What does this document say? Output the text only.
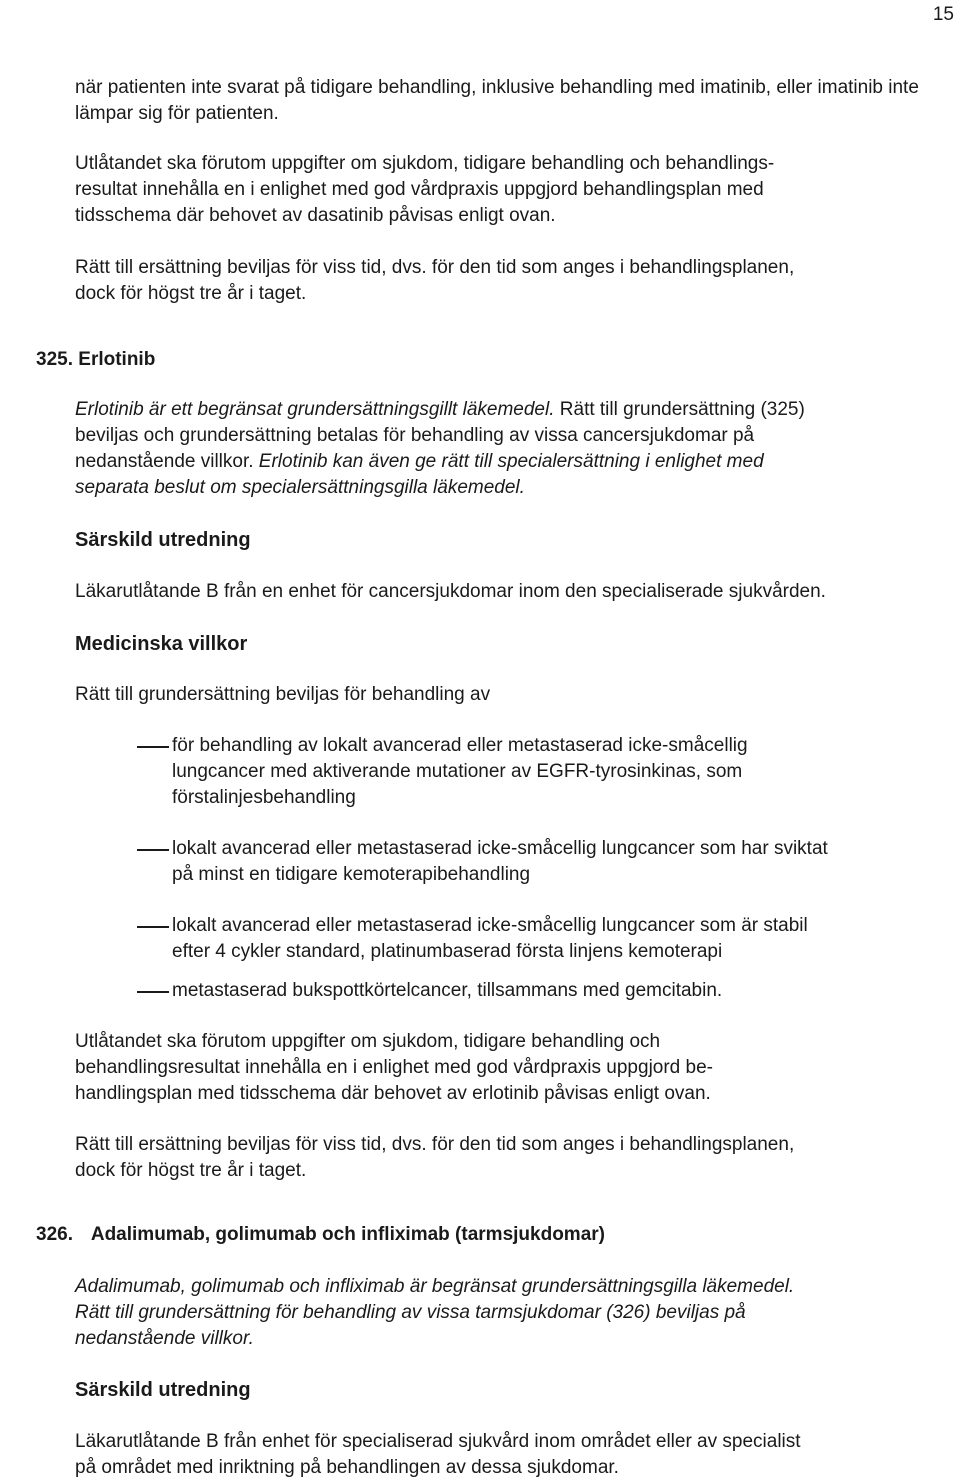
15

när patienten inte svarat på tidigare behandling, inklusive behandling med imatinib, eller imatinib inte lämpar sig för patienten.

Utlåtandet ska förutom uppgifter om sjukdom, tidigare behandling och behandlings-
resultat innehålla en i enlighet med god vårdpraxis uppgjord behandlingsplan med
tidsschema där behovet av dasatinib påvisas enligt ovan.
Rätt till ersättning beviljas för viss tid, dvs. för den tid som anges i behandlingsplanen,
dock för högst tre år i taget.
325. Erlotinib
Erlotinib är ett begränsat grundersättningsgillt läkemedel. Rätt till grundersättning (325)
beviljas och grundersättning betalas för behandling av vissa cancersjukdomar på
nedanstående villkor. Erlotinib kan även ge rätt till specialersättning i enlighet med
separata beslut om specialersättningsgilla läkemedel.
Särskild utredning
Läkarutlåtande B från en enhet för cancersjukdomar inom den specialiserade sjukvården.
Medicinska villkor
Rätt till grundersättning beviljas för behandling av
för behandling av lokalt avancerad eller metastaserad icke-småcellig
lungcancer med aktiverande mutationer av EGFR-tyrosinkinas, som
förstalinjesbehandling
lokalt avancerad eller metastaserad icke-småcellig lungcancer som har sviktat
på minst en tidigare kemoterapibehandling
lokalt avancerad eller metastaserad icke-småcellig lungcancer som är stabil
efter 4 cykler standard, platinumbaserad första linjens kemoterapi
metastaserad bukspottkörtelcancer, tillsammans med gemcitabin.
Utlåtandet ska förutom uppgifter om sjukdom, tidigare behandling och
behandlingsresultat innehålla en i enlighet med god vårdpraxis uppgjord be-
handlingsplan med tidsschema där behovet av erlotinib påvisas enligt ovan.
Rätt till ersättning beviljas för viss tid, dvs. för den tid som anges i behandlingsplanen,
dock för högst tre år i taget.
326. Adalimumab, golimumab och infliximab (tarmsjukdomar)
Adalimumab, golimumab och infliximab är begränsat grundersättningsgilla läkemedel.
Rätt till grundersättning för behandling av vissa tarmsjukdomar (326) beviljas på
nedanstående villkor.
Särskild utredning
Läkarutlåtande B från enhet för specialiserad sjukvård inom området eller av specialist
på området med inriktning på behandlingen av dessa sjukdomar.
